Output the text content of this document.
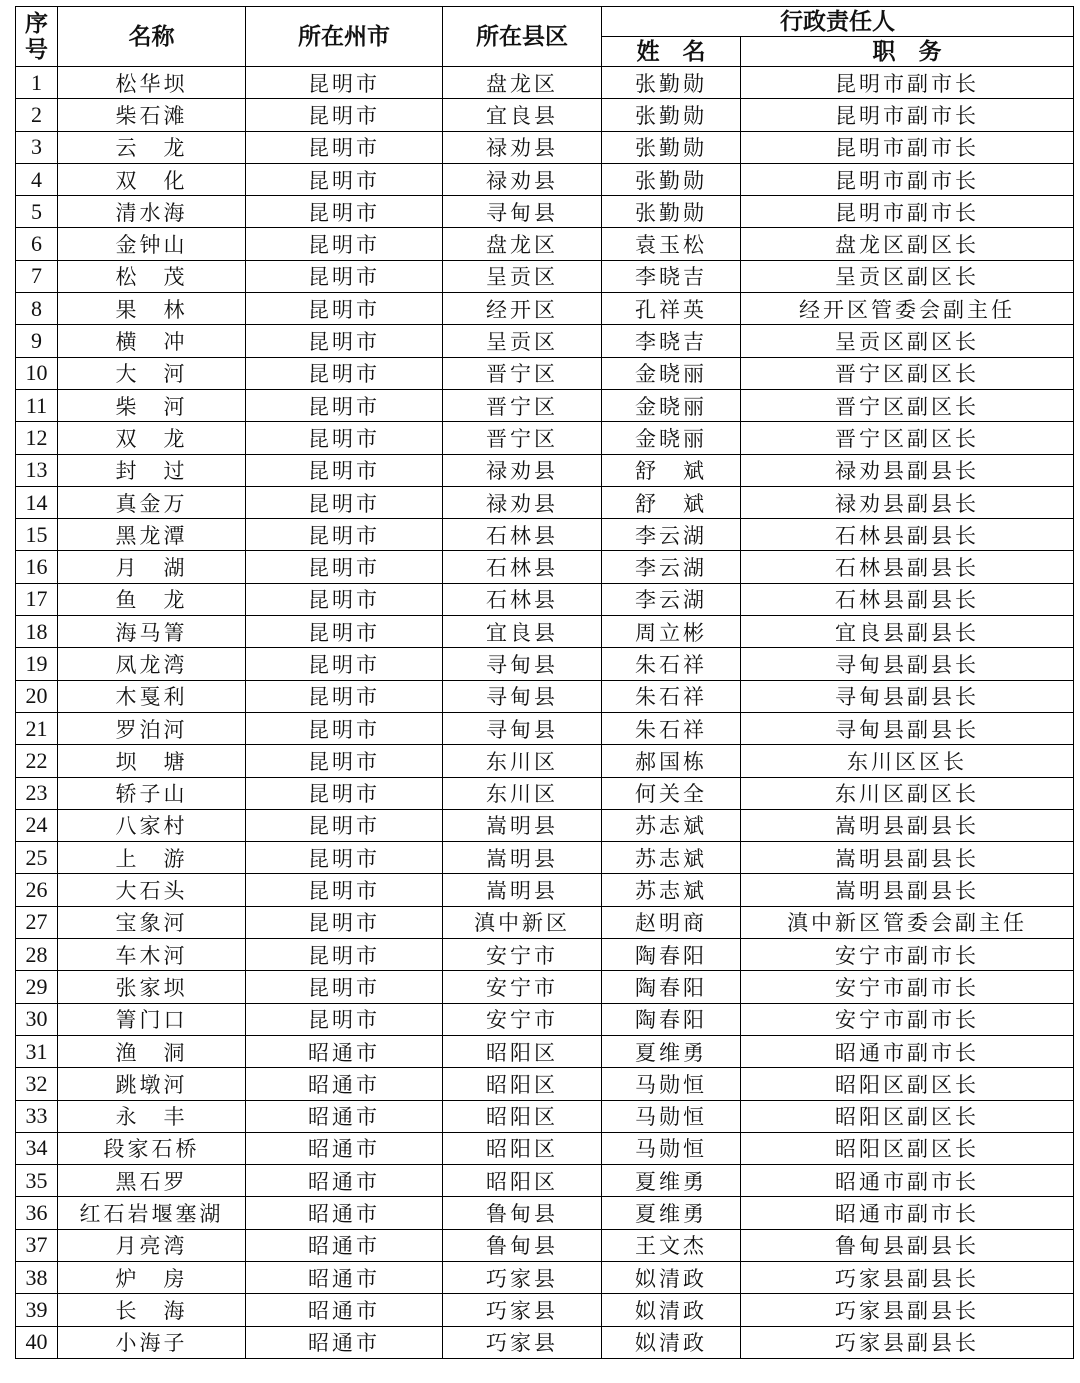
序号	名称	所在州市	所在县区	行政责任人	
				姓　名	职　务
1	松华坝	昆明市	盘龙区	张勤勋	昆明市副市长
2	柴石滩	昆明市	宜良县	张勤勋	昆明市副市长
3	云　龙	昆明市	禄劝县	张勤勋	昆明市副市长
4	双　化	昆明市	禄劝县	张勤勋	昆明市副市长
5	清水海	昆明市	寻甸县	张勤勋	昆明市副市长
6	金钟山	昆明市	盘龙区	袁玉松	盘龙区副区长
7	松　茂	昆明市	呈贡区	李晓吉	呈贡区副区长
8	果　林	昆明市	经开区	孔祥英	经开区管委会副主任
9	横　冲	昆明市	呈贡区	李晓吉	呈贡区副区长
10	大　河	昆明市	晋宁区	金晓丽	晋宁区副区长
11	柴　河	昆明市	晋宁区	金晓丽	晋宁区副区长
12	双　龙	昆明市	晋宁区	金晓丽	晋宁区副区长
13	封　过	昆明市	禄劝县	舒　斌	禄劝县副县长
14	真金万	昆明市	禄劝县	舒　斌	禄劝县副县长
15	黑龙潭	昆明市	石林县	李云湖	石林县副县长
16	月　湖	昆明市	石林县	李云湖	石林县副县长
17	鱼　龙	昆明市	石林县	李云湖	石林县副县长
18	海马箐	昆明市	宜良县	周立彬	宜良县副县长
19	凤龙湾	昆明市	寻甸县	朱石祥	寻甸县副县长
20	木戛利	昆明市	寻甸县	朱石祥	寻甸县副县长
21	罗泊河	昆明市	寻甸县	朱石祥	寻甸县副县长
22	坝　塘	昆明市	东川区	郝国栋	东川区区长
23	轿子山	昆明市	东川区	何关全	东川区副区长
24	八家村	昆明市	嵩明县	苏志斌	嵩明县副县长
25	上　游	昆明市	嵩明县	苏志斌	嵩明县副县长
26	大石头	昆明市	嵩明县	苏志斌	嵩明县副县长
27	宝象河	昆明市	滇中新区	赵明商	滇中新区管委会副主任
28	车木河	昆明市	安宁市	陶春阳	安宁市副市长
29	张家坝	昆明市	安宁市	陶春阳	安宁市副市长
30	箐门口	昆明市	安宁市	陶春阳	安宁市副市长
31	渔　洞	昭通市	昭阳区	夏维勇	昭通市副市长
32	跳墩河	昭通市	昭阳区	马勋恒	昭阳区副区长
33	永　丰	昭通市	昭阳区	马勋恒	昭阳区副区长
34	段家石桥	昭通市	昭阳区	马勋恒	昭阳区副区长
35	黑石罗	昭通市	昭阳区	夏维勇	昭通市副市长
36	红石岩堰塞湖	昭通市	鲁甸县	夏维勇	昭通市副市长
37	月亮湾	昭通市	鲁甸县	王文杰	鲁甸县副县长
38	炉　房	昭通市	巧家县	姒清政	巧家县副县长
39	长　海	昭通市	巧家县	姒清政	巧家县副县长
40	小海子	昭通市	巧家县	姒清政	巧家县副县长
